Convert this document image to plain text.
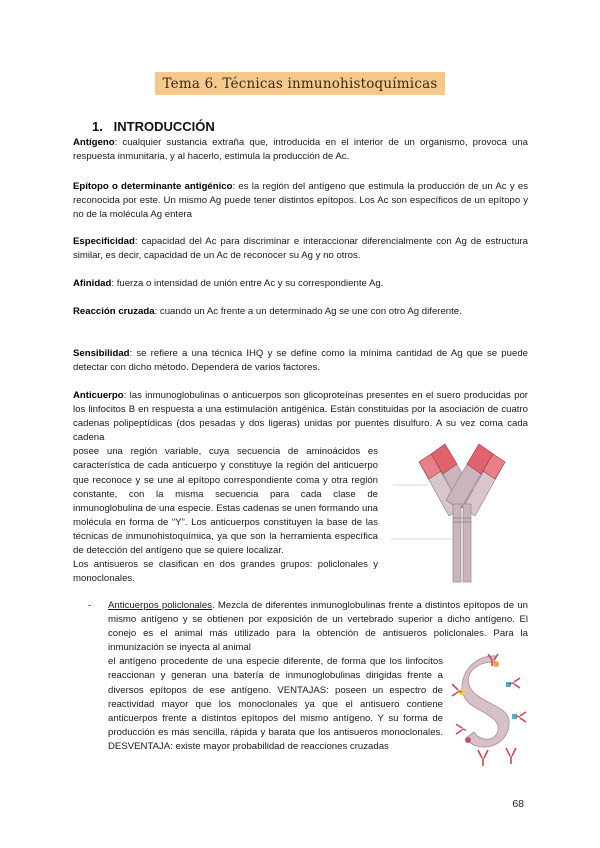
Tema 6. Técnicas inmunohistoquímicas
1. INTRODUCCIÓN

Antígeno: cualquier sustancia extraña que, introducida en el interior de un organismo, provoca una respuesta inmunitaria, y al hacerlo, estimula la producción de Ac.

Epítopo o determinante antigénico: es la región del antígeno que estimula la producción de un Ac y es reconocida por este. Un mismo Ag puede tener distintos epítopos. Los Ac son específicos de un epítopo y no de la molécula Ag entera

Especificidad: capacidad del Ac para discriminar e interaccionar diferencialmente con Ag de estructura similar, es decir, capacidad de un Ac de reconocer su Ag y no otros.

Afinidad: fuerza o intensidad de unión entre Ac y su correspondiente Ag.

Reacción cruzada: cuando un Ac frente a un determinado Ag se une con otro Ag diferente.

Sensibilidad: se refiere a una técnica IHQ y se define como la mínima cantidad de Ag que se puede detectar con dicho método. Dependerá de varios factores.

Anticuerpo: las inmunoglobulinas o anticuerpos son glicoproteínas presentes en el suero producidas por los linfocitos B en respuesta a una estimulación antigénica. Están constituidas por la asociación de cuatro cadenas polipeptídicas (dos pesadas y dos ligeras) unidas por puentes disulfuro. A su vez coma cada cadena
posee una región variable, cuya secuencia de aminoácidos es característica de cada anticuerpo y constituye la región del anticuerpo que reconoce y se une al epítopo correspondiente coma y otra región constante, con la misma secuencia para cada clase de inmunoglobulina de una especie. Estas cadenas se unen formando una molécula en forma de “Y”. Los anticuerpos constituyen la base de las técnicas de inmunohistoquímica, ya que son la herramienta específica de detección del antígeno que se quiere localizar.
Los antisueros se clasifican en dos grandes grupos: policlonales y monoclonales.
- Anticuerpos policlonales. Mezcla de diferentes inmunoglobulinas frente a distintos epítopos de un mismo antígeno y se obtienen por exposición de un vertebrado superior a dicho antígeno. El conejo es el animal más utilizado para la obtención de antisueros policlonales. Para la inmunización se inyecta al animal
el antígeno procedente de una especie diferente, de forma que los linfocitos reaccionan y generan una batería de inmunoglobulinas dirigidas frente a diversos epítopos de ese antígeno. VENTAJAS: poseen un espectro de reactividad mayor que los monoclonales ya que el antisuero contiene anticuerpos frente a distintos epítopos del mismo antígeno. Y su forma de producción es más sencilla, rápida y barata que los antisueros monoclonales. DESVENTAJA: existe mayor probabilidad de reacciones cruzadas
68
